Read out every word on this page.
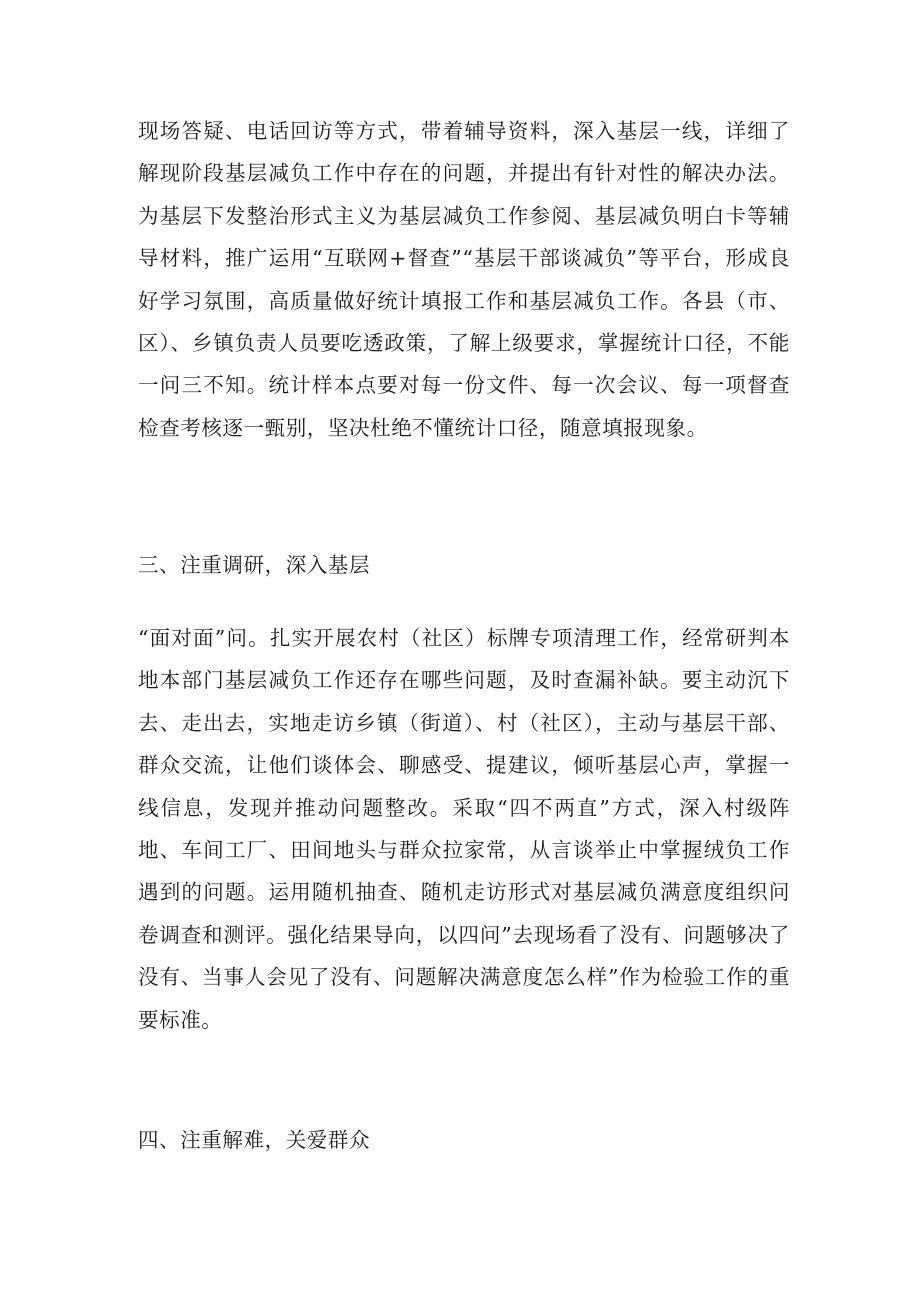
现场答疑、电话回访等方式，带着辅导资料，深入基层一线，详细了解现阶段基层减负工作中存在的问题，并提出有针对性的解决办法。为基层下发整治形式主义为基层减负工作参阅、基层减负明白卡等辅导材料，推广运用“互联网+督查”“基层干部谈减负”等平台，形成良好学习氛围，高质量做好统计填报工作和基层减负工作。各县（市、区）、乡镇负责人员要吃透政策，了解上级要求，掌握统计口径，不能一问三不知。统计样本点要对每一份文件、每一次会议、每一项督查检查考核逐一甄别，坚决杜绝不懂统计口径，随意填报现象。

三、注重调研，深入基层

“面对面”问。扎实开展农村（社区）标牌专项清理工作，经常研判本地本部门基层减负工作还存在哪些问题，及时查漏补缺。要主动沉下去、走出去，实地走访乡镇（街道）、村（社区），主动与基层干部、群众交流，让他们谈体会、聊感受、提建议，倾听基层心声，掌握一线信息，发现并推动问题整改。采取“四不两直”方式，深入村级阵地、车间工厂、田间地头与群众拉家常，从言谈举止中掌握绒负工作遇到的问题。运用随机抽查、随机走访形式对基层减负满意度组织问卷调查和测评。强化结果导向，以四问”去现场看了没有、问题够决了没有、当事人会见了没有、问题解决满意度怎么样”作为检验工作的重要标准。

四、注重解难，关爱群众
